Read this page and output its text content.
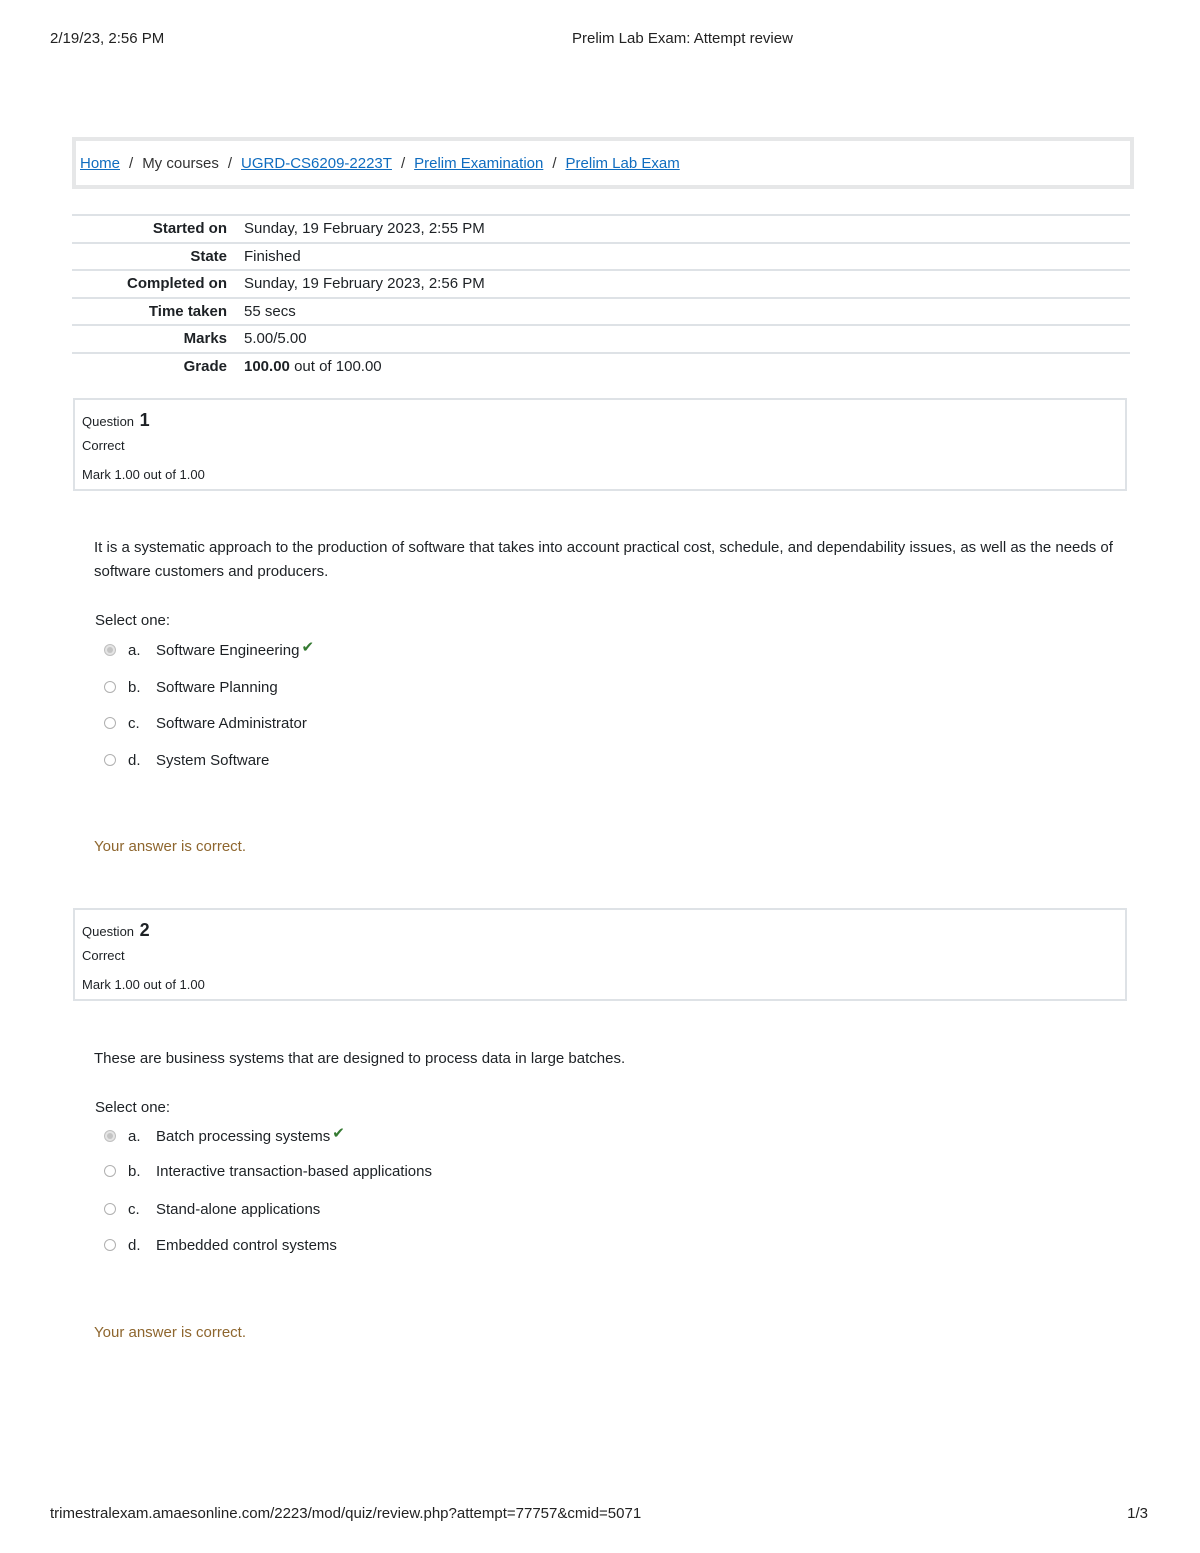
2/19/23, 2:56 PM	Prelim Lab Exam: Attempt review
Home / My courses / UGRD-CS6209-2223T / Prelim Examination / Prelim Lab Exam
Started on	Sunday, 19 February 2023, 2:55 PM
State	Finished
Completed on	Sunday, 19 February 2023, 2:56 PM
Time taken	55 secs
Marks	5.00/5.00
Grade	100.00 out of 100.00
Question 1
Correct
Mark 1.00 out of 1.00
It is a systematic approach to the production of software that takes into account practical cost, schedule, and dependability issues, as well as the needs of software customers and producers.
Select one:
a.	Software Engineering ✔
b.	Software Planning
c.	Software Administrator
d.	System Software
Your answer is correct.
Question 2
Correct
Mark 1.00 out of 1.00
These are business systems that are designed to process data in large batches.
Select one:
a.	Batch processing systems ✔
b.	Interactive transaction-based applications
c.	Stand-alone applications
d.	Embedded control systems
Your answer is correct.
trimestralexam.amaesonline.com/2223/mod/quiz/review.php?attempt=77757&cmid=5071	1/3
